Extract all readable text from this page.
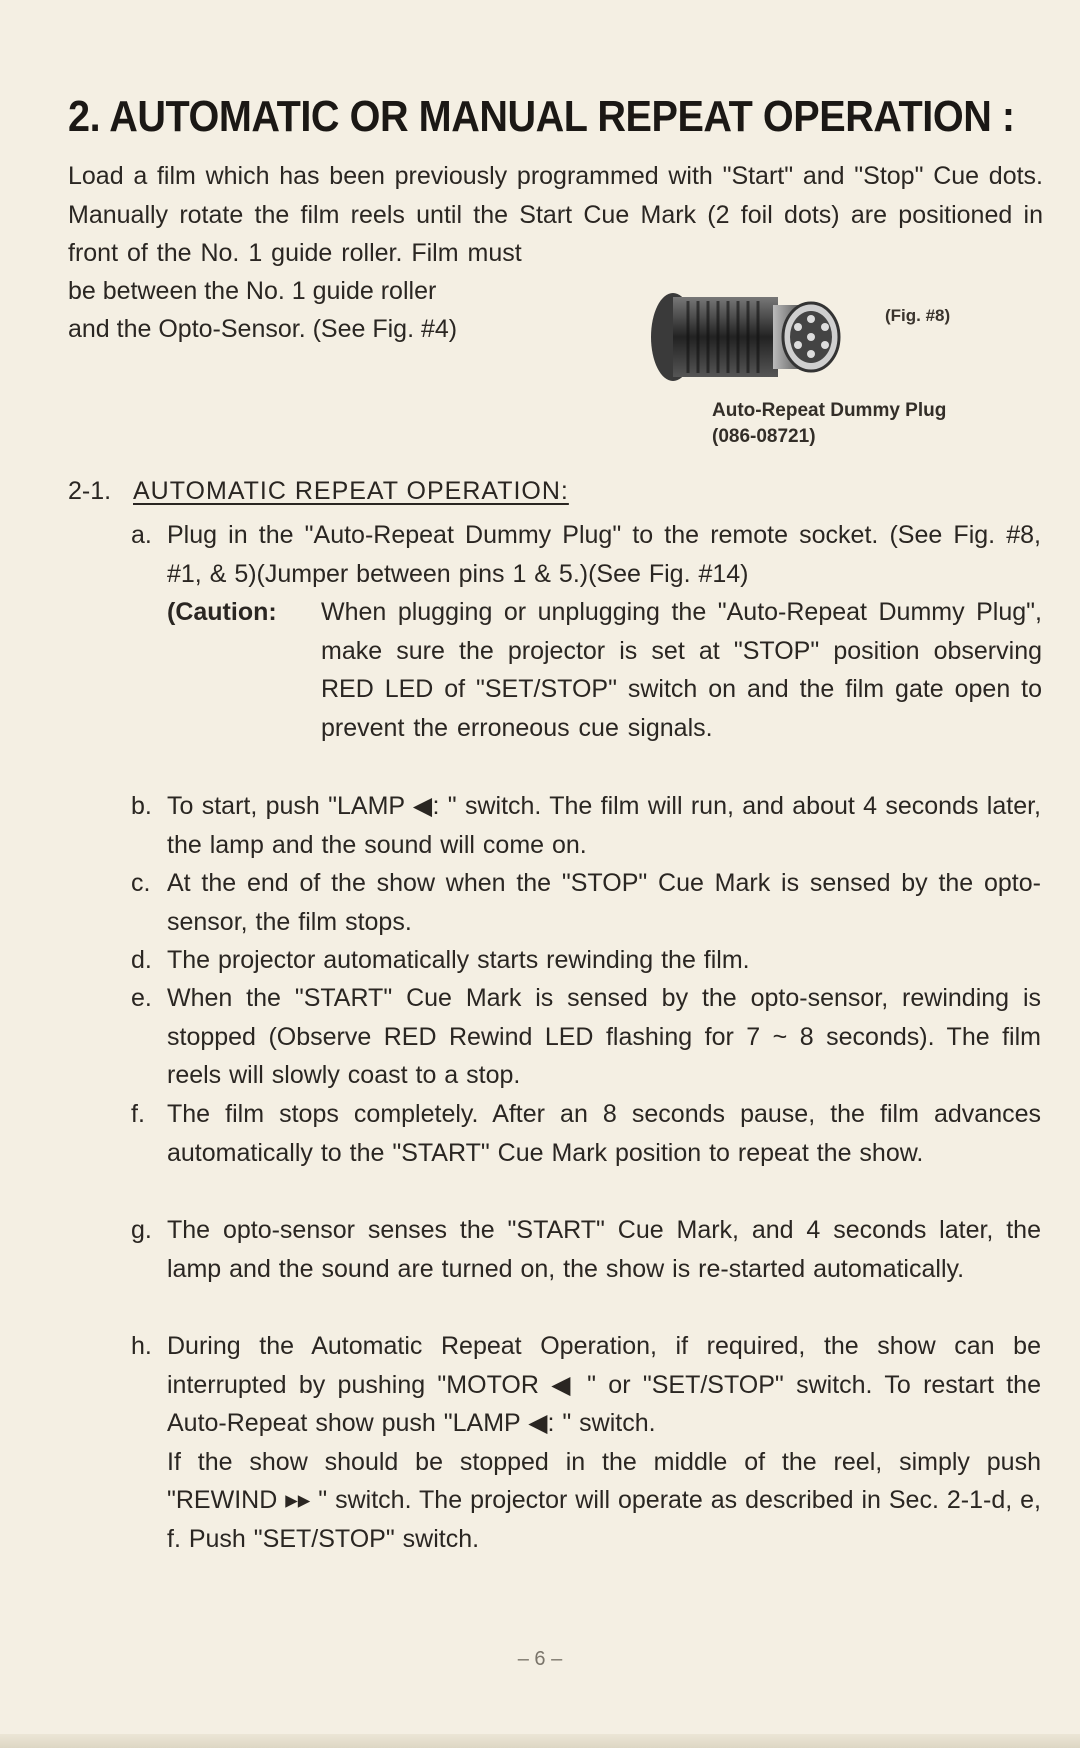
2. AUTOMATIC OR MANUAL REPEAT OPERATION :
Load a film which has been previously programmed with "Start" and "Stop" Cue dots. Manually rotate the film reels until the Start Cue Mark (2 foil dots) are positioned in front of the No. 1 guide roller. Film must
be between the No. 1 guide roller
and the Opto-Sensor. (See Fig. #4)	(Fig. #8)
Auto-Repeat Dummy Plug
(086-08721)
2-1. AUTOMATIC REPEAT OPERATION:
a. Plug in the "Auto-Repeat Dummy Plug" to the remote socket. (See Fig. #8, #1, & 5)(Jumper between pins 1 & 5.)(See Fig. #14)
(Caution: When plugging or unplugging the "Auto-Repeat Dummy Plug", make sure the projector is set at "STOP" position observing RED LED of "SET/STOP" switch on and the film gate open to prevent the erroneous cue signals.
b. To start, push "LAMP ◀: " switch. The film will run, and about 4 seconds later, the lamp and the sound will come on.
c. At the end of the show when the "STOP" Cue Mark is sensed by the opto-sensor, the film stops.
d. The projector automatically starts rewinding the film.
e. When the "START" Cue Mark is sensed by the opto-sensor, rewinding is stopped (Observe RED Rewind LED flashing for 7 ~ 8 seconds). The film reels will slowly coast to a stop.
f. The film stops completely. After an 8 seconds pause, the film advances automatically to the "START" Cue Mark position to repeat the show.
g. The opto-sensor senses the "START" Cue Mark, and 4 seconds later, the lamp and the sound are turned on, the show is re-started automatically.
h. During the Automatic Repeat Operation, if required, the show can be interrupted by pushing "MOTOR ◀ " or "SET/STOP" switch. To restart the Auto-Repeat show push "LAMP ◀: " switch.
If the show should be stopped in the middle of the reel, simply push "REWIND ▸▸ " switch. The projector will operate as described in Sec. 2-1-d, e, f. Push "SET/STOP" switch.
– 6 –
